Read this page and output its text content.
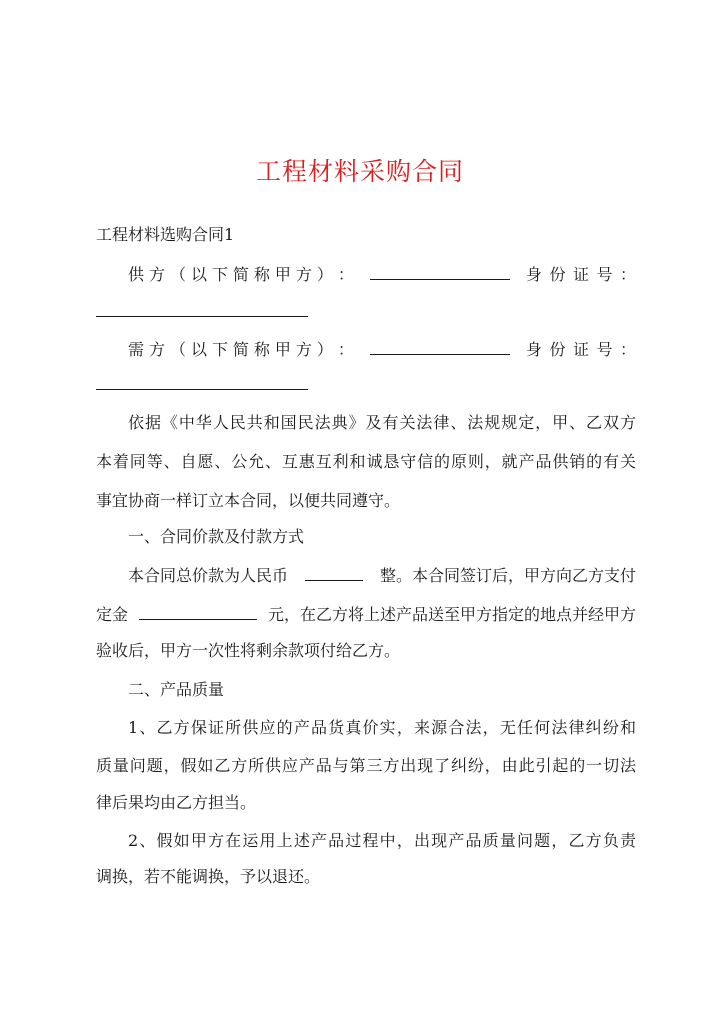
工程材料采购合同
工程材料选购合同1
供 方 （ 以 下 简 称 甲 方 ） ：	身 份 证 号 ：
需 方 （ 以 下 简 称 甲 方 ） ：	身 份 证 号 ：
依据《中华人民共和国民法典》及有关法律、法规规定，甲、乙双方
本着同等、自愿、公允、互惠互利和诚恳守信的原则，就产品供销的有关
事宜协商一样订立本合同，以便共同遵守。
一、合同价款及付款方式
本合同总价款为人民币	整。本合同签订后，甲方向乙方支付
定金	元，在乙方将上述产品送至甲方指定的地点并经甲方
验收后，甲方一次性将剩余款项付给乙方。
二、产品质量
1、乙方保证所供应的产品货真价实，来源合法，无任何法律纠纷和
质量问题，假如乙方所供应产品与第三方出现了纠纷，由此引起的一切法
律后果均由乙方担当。
2、假如甲方在运用上述产品过程中，出现产品质量问题，乙方负责
调换，若不能调换，予以退还。
